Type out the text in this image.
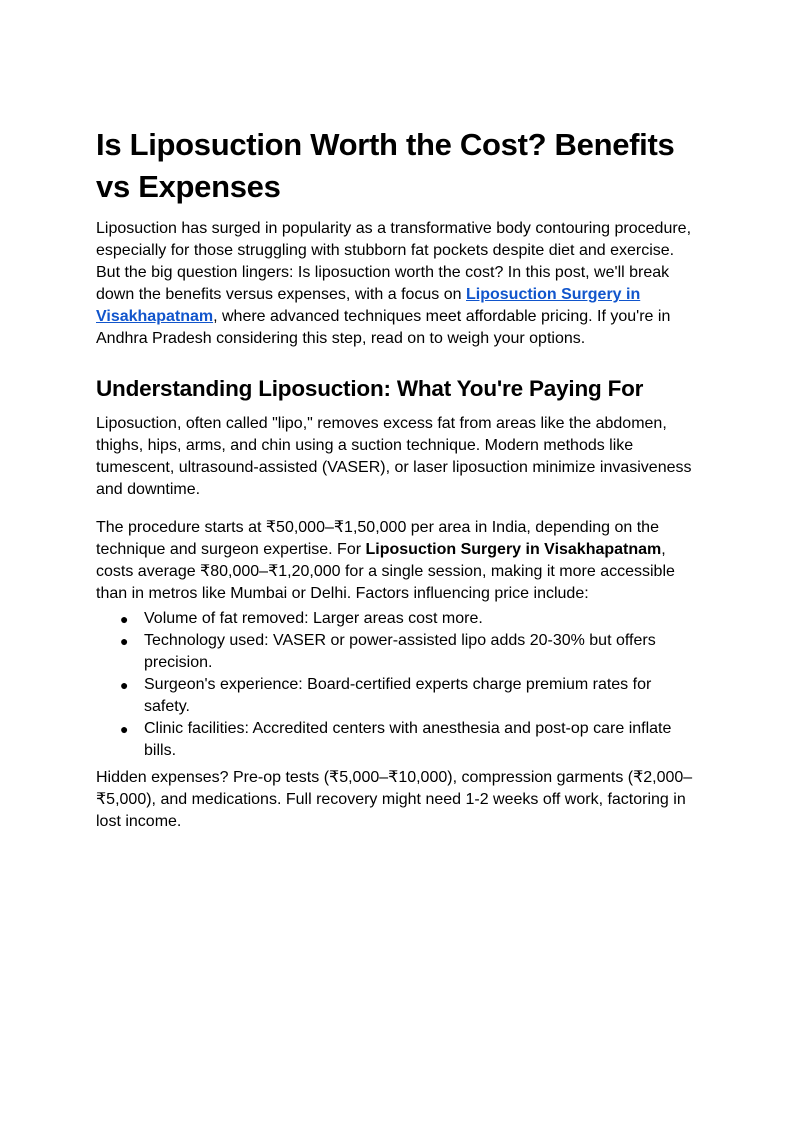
Is Liposuction Worth the Cost? Benefits vs Expenses

Liposuction has surged in popularity as a transformative body contouring procedure, especially for those struggling with stubborn fat pockets despite diet and exercise. But the big question lingers: Is liposuction worth the cost? In this post, we'll break down the benefits versus expenses, with a focus on Liposuction Surgery in Visakhapatnam, where advanced techniques meet affordable pricing. If you're in Andhra Pradesh considering this step, read on to weigh your options.

Understanding Liposuction: What You're Paying For

Liposuction, often called "lipo," removes excess fat from areas like the abdomen, thighs, hips, arms, and chin using a suction technique. Modern methods like tumescent, ultrasound-assisted (VASER), or laser liposuction minimize invasiveness and downtime.

The procedure starts at ₹50,000–₹1,50,000 per area in India, depending on the technique and surgeon expertise. For Liposuction Surgery in Visakhapatnam, costs average ₹80,000–₹1,20,000 for a single session, making it more accessible than in metros like Mumbai or Delhi. Factors influencing price include:

● Volume of fat removed: Larger areas cost more.
● Technology used: VASER or power-assisted lipo adds 20-30% but offers precision.
● Surgeon's experience: Board-certified experts charge premium rates for safety.
● Clinic facilities: Accredited centers with anesthesia and post-op care inflate bills.

Hidden expenses? Pre-op tests (₹5,000–₹10,000), compression garments (₹2,000–₹5,000), and medications. Full recovery might need 1-2 weeks off work, factoring in lost income.
